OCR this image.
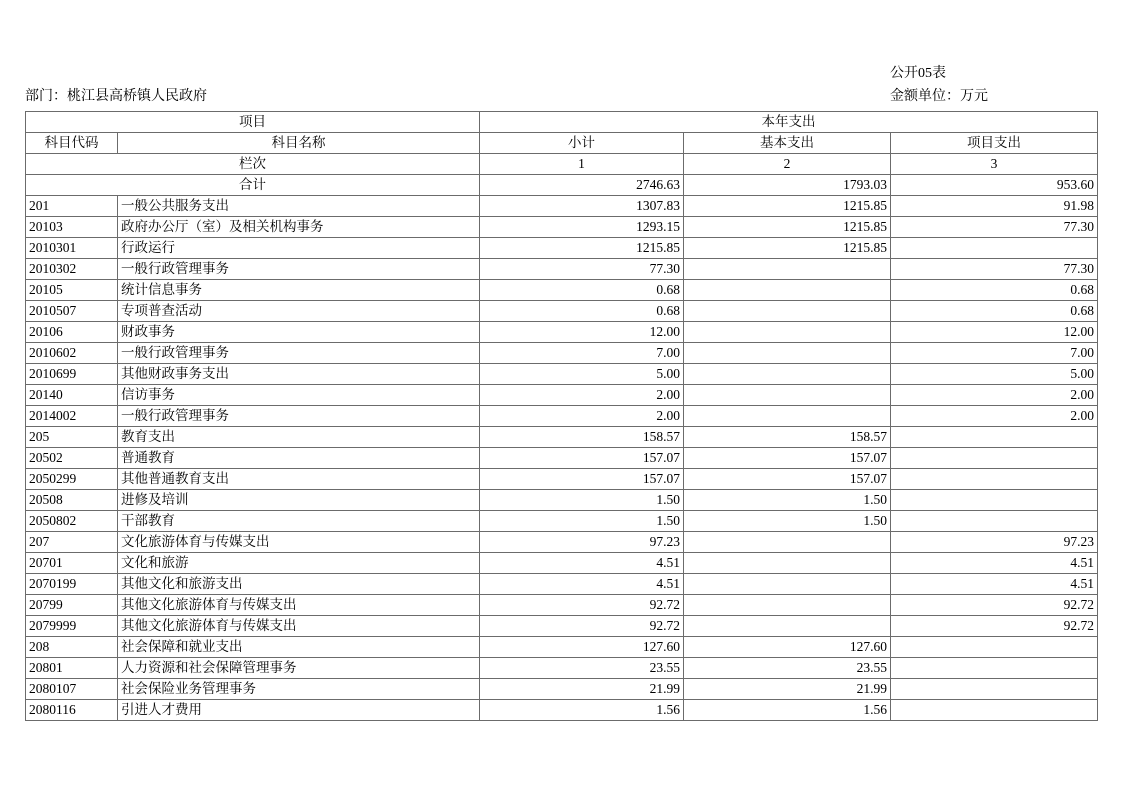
部门：桃江县高桥镇人民政府
公开05表
金额单位：万元
项目		本年支出		
科目代码	科目名称	小计	基本支出	项目支出
栏次		1	2	3
合计		2746.63	1793.03	953.60
201	一般公共服务支出	1307.83	1215.85	91.98
20103	政府办公厅（室）及相关机构事务	1293.15	1215.85	77.30
2010301	行政运行	1215.85	1215.85	
2010302	一般行政管理事务	77.30		77.30
20105	统计信息事务	0.68		0.68
2010507	专项普查活动	0.68		0.68
20106	财政事务	12.00		12.00
2010602	一般行政管理事务	7.00		7.00
2010699	其他财政事务支出	5.00		5.00
20140	信访事务	2.00		2.00
2014002	一般行政管理事务	2.00		2.00
205	教育支出	158.57	158.57	
20502	普通教育	157.07	157.07	
2050299	其他普通教育支出	157.07	157.07	
20508	进修及培训	1.50	1.50	
2050802	干部教育	1.50	1.50	
207	文化旅游体育与传媒支出	97.23		97.23
20701	文化和旅游	4.51		4.51
2070199	其他文化和旅游支出	4.51		4.51
20799	其他文化旅游体育与传媒支出	92.72		92.72
2079999	其他文化旅游体育与传媒支出	92.72		92.72
208	社会保障和就业支出	127.60	127.60	
20801	人力资源和社会保障管理事务	23.55	23.55	
2080107	社会保险业务管理事务	21.99	21.99	
2080116	引进人才费用	1.56	1.56	
